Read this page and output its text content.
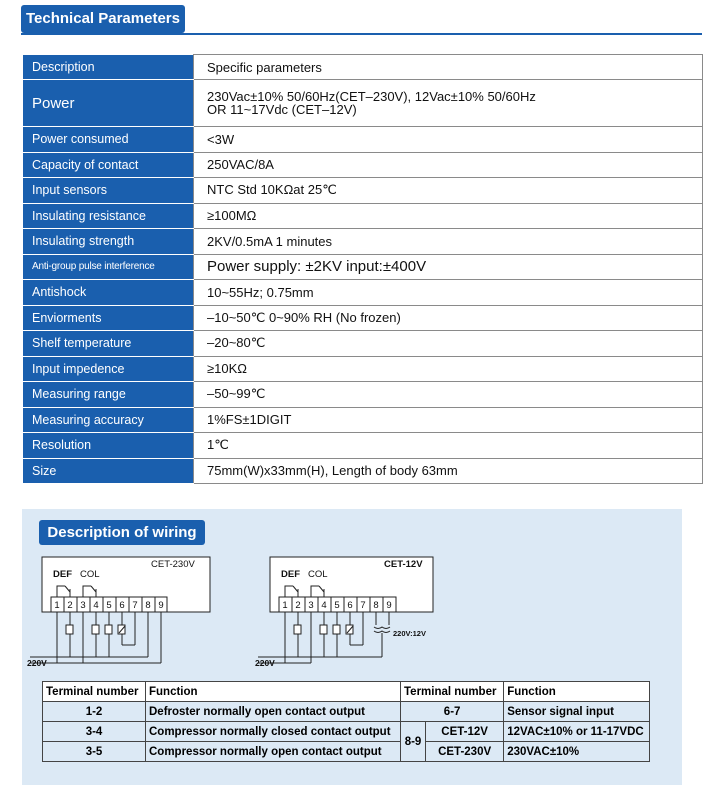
Technical Parameters
Description	Specific parameters
Power	230Vac±10% 50/60Hz(CET–230V), 12Vac±10% 50/60Hz
OR 11~17Vdc (CET–12V)

Power consumed	<3W
Capacity of contact	250VAC/8A
Input sensors	NTC Std 10KΩat 25℃
Insulating resistance	≥100MΩ
Insulating strength	2KV/0.5mA 1 minutes
Anti-group pulse interference	Power supply: ±2KV input:±400V
Antishock	10~55Hz; 0.75mm
Enviorments	–10~50℃ 0~90% RH (No frozen)
Shelf temperature	–20~80℃
Input impedence	≥10KΩ
Measuring range	–50~99℃
Measuring accuracy	1%FS±1DIGIT
Resolution	1℃
Size	75mm(W)x33mm(H), Length of body 63mm
Description of wiring
1 2 3 4 5 6 7 8 9
CET-230V
DEF COL
220V
1 2 3 4 5 6 7 8 9
CET-12V
DEF COL
220V
220V:12V
Terminal number	Function	Terminal number		Function
1-2	Defroster normally open contact output	6-7		Sensor signal input
3-4	Compressor normally closed contact output	8-9	CET-12V	12VAC±10% or 11-17VDC
3-5	Compressor normally open contact output		CET-230V	230VAC±10%
